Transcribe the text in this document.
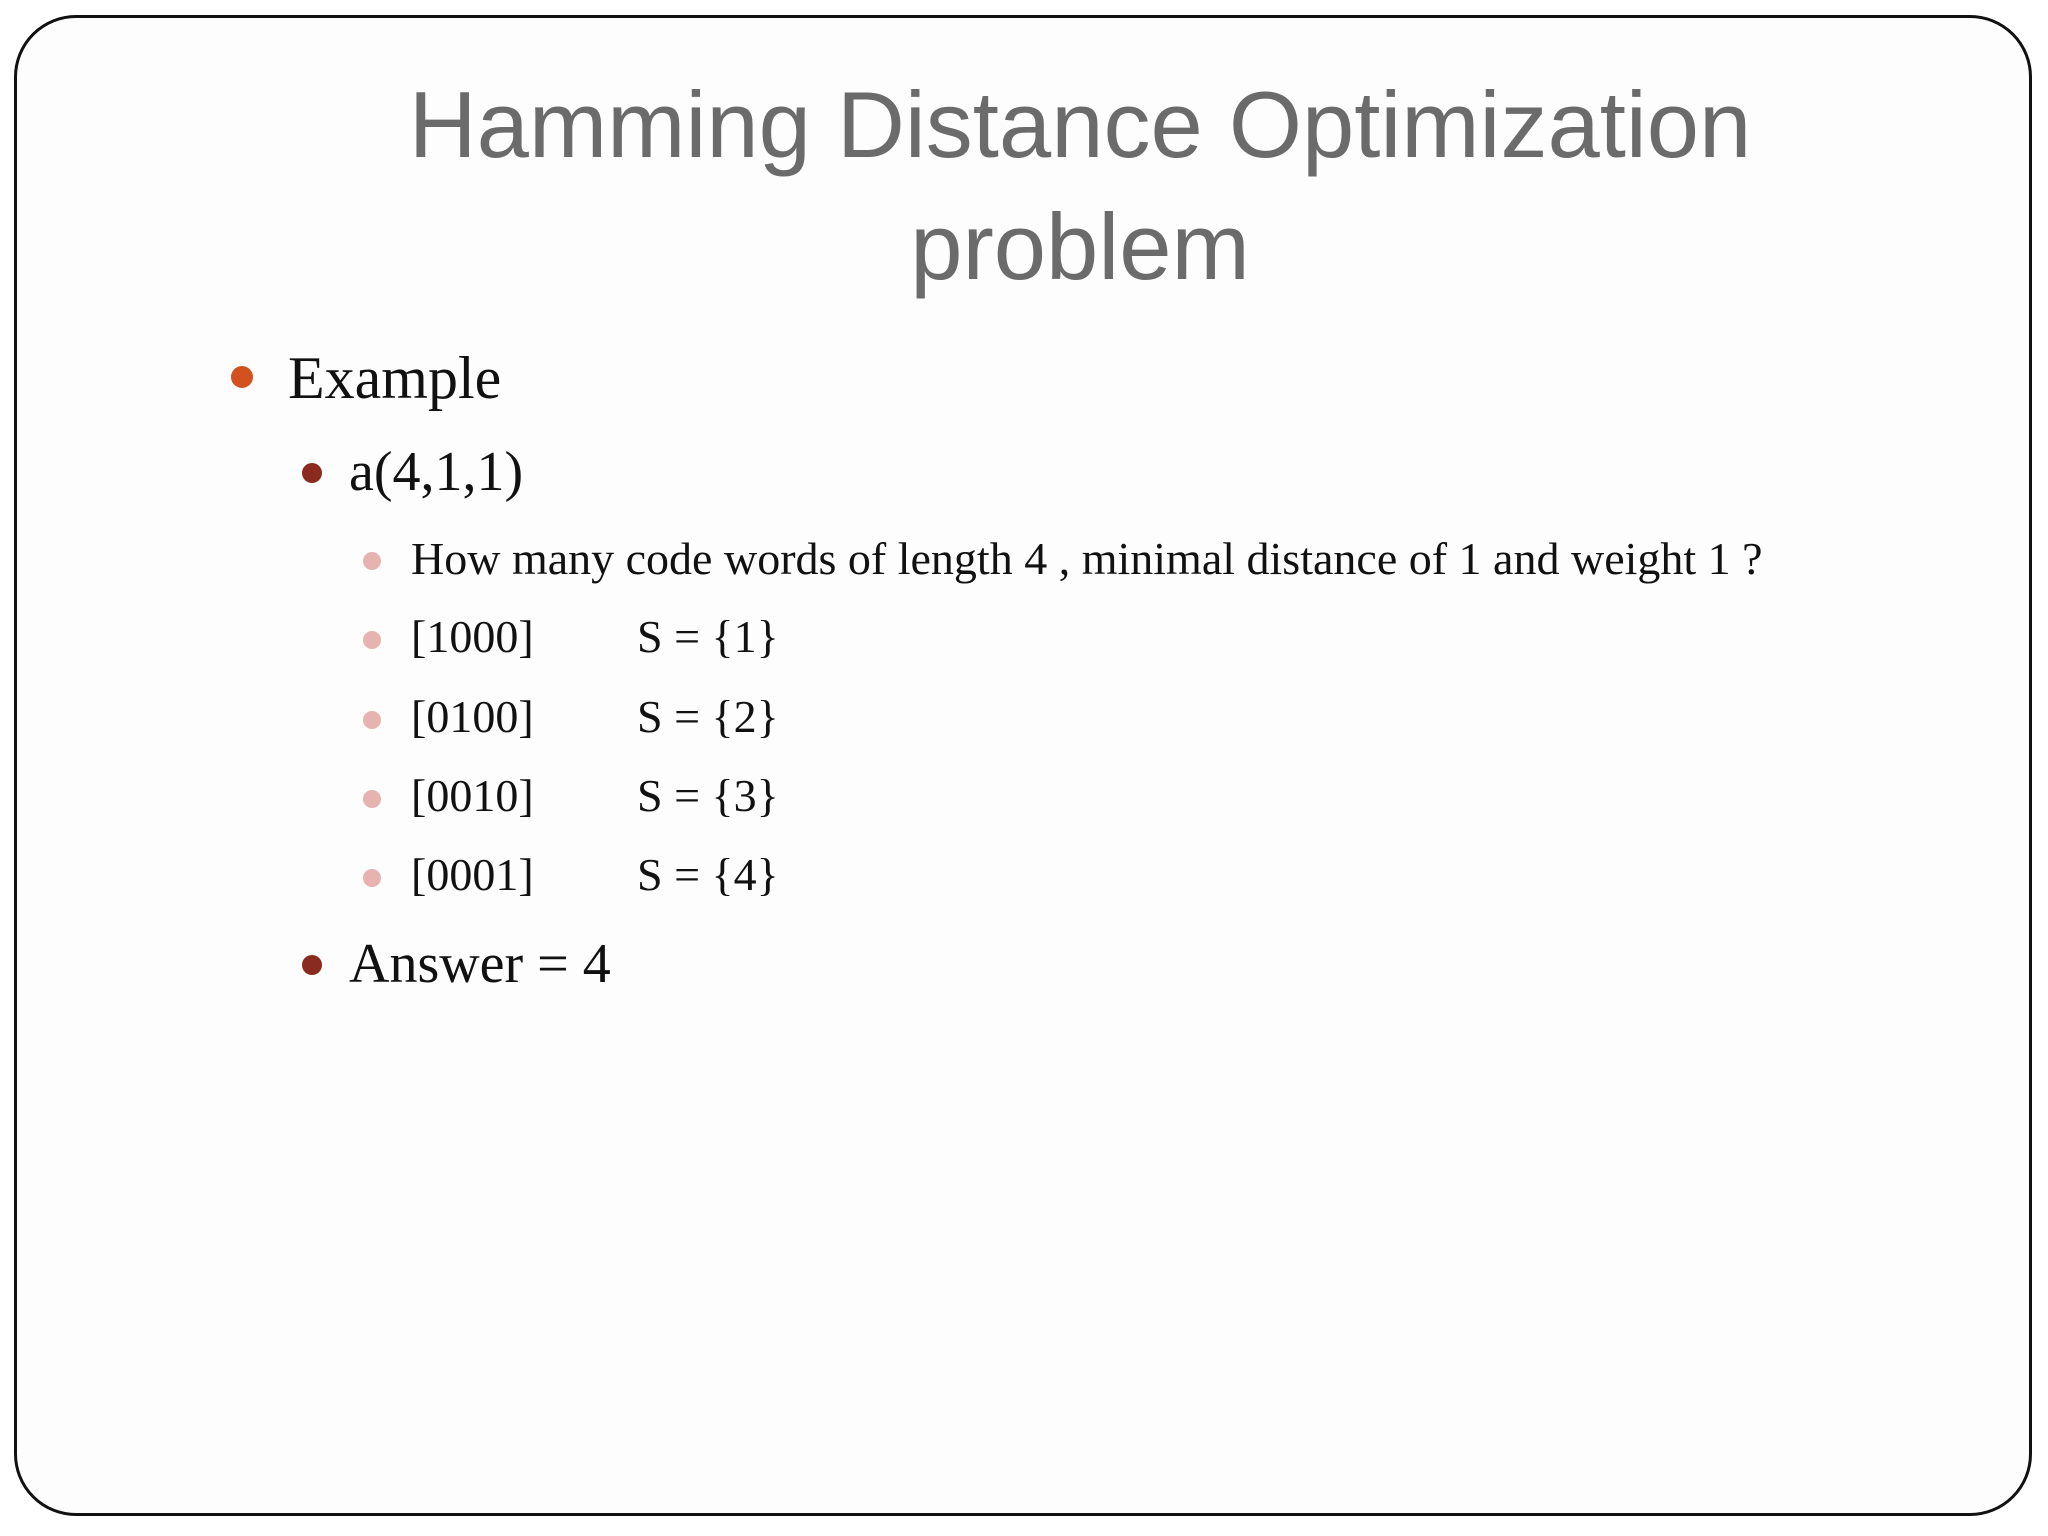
Hamming Distance Optimization
problem
Example
a(4,1,1)
How many code words of length 4 , minimal distance of 1 and weight 1 ?
[1000] S = {1}
[0100] S = {2}
[0010] S = {3}
[0001] S = {4}
Answer = 4
